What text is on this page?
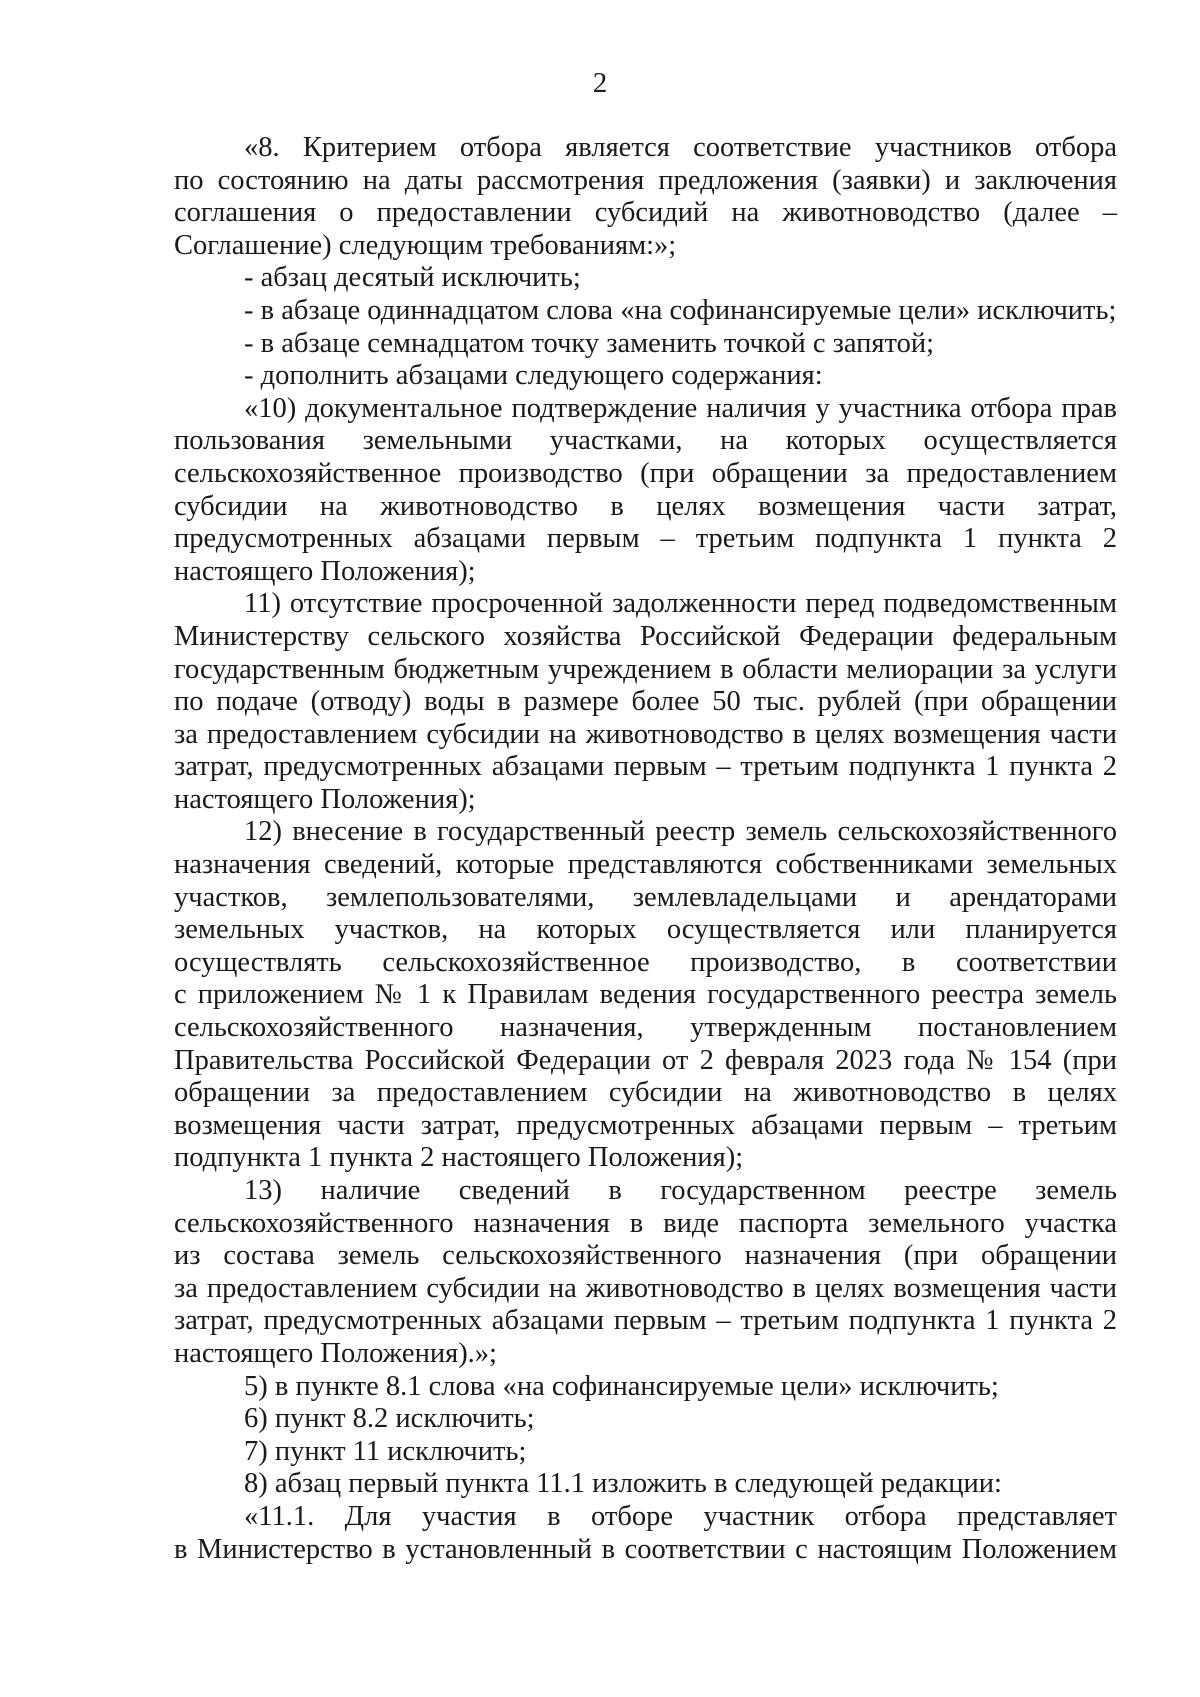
2
«8. Критерием отбора является соответствие участников отбора
по состоянию на даты рассмотрения предложения (заявки) и заключения
соглашения о предоставлении субсидий на животноводство (далее –
Соглашение) следующим требованиям:»;
- абзац десятый исключить;
- в абзаце одиннадцатом слова «на софинансируемые цели» исключить;
- в абзаце семнадцатом точку заменить точкой с запятой;
- дополнить абзацами следующего содержания:
«10) документальное подтверждение наличия у участника отбора прав
пользования земельными участками, на которых осуществляется
сельскохозяйственное производство (при обращении за предоставлением
субсидии на животноводство в целях возмещения части затрат,
предусмотренных абзацами первым – третьим подпункта 1 пункта 2
настоящего Положения);
11) отсутствие просроченной задолженности перед подведомственным
Министерству сельского хозяйства Российской Федерации федеральным
государственным бюджетным учреждением в области мелиорации за услуги
по подаче (отводу) воды в размере более 50 тыс. рублей (при обращении
за предоставлением субсидии на животноводство в целях возмещения части
затрат, предусмотренных абзацами первым – третьим подпункта 1 пункта 2
настоящего Положения);
12) внесение в государственный реестр земель сельскохозяйственного
назначения сведений, которые представляются собственниками земельных
участков, землепользователями, землевладельцами и арендаторами
земельных участков, на которых осуществляется или планируется
осуществлять сельскохозяйственное производство, в соответствии
с приложением № 1 к Правилам ведения государственного реестра земель
сельскохозяйственного назначения, утвержденным постановлением
Правительства Российской Федерации от 2 февраля 2023 года № 154 (при
обращении за предоставлением субсидии на животноводство в целях
возмещения части затрат, предусмотренных абзацами первым – третьим
подпункта 1 пункта 2 настоящего Положения);
13) наличие сведений в государственном реестре земель
сельскохозяйственного назначения в виде паспорта земельного участка
из состава земель сельскохозяйственного назначения (при обращении
за предоставлением субсидии на животноводство в целях возмещения части
затрат, предусмотренных абзацами первым – третьим подпункта 1 пункта 2
настоящего Положения).»;
5) в пункте 8.1 слова «на софинансируемые цели» исключить;
6) пункт 8.2 исключить;
7) пункт 11 исключить;
8) абзац первый пункта 11.1 изложить в следующей редакции:
«11.1. Для участия в отборе участник отбора представляет
в Министерство в установленный в соответствии с настоящим Положением
